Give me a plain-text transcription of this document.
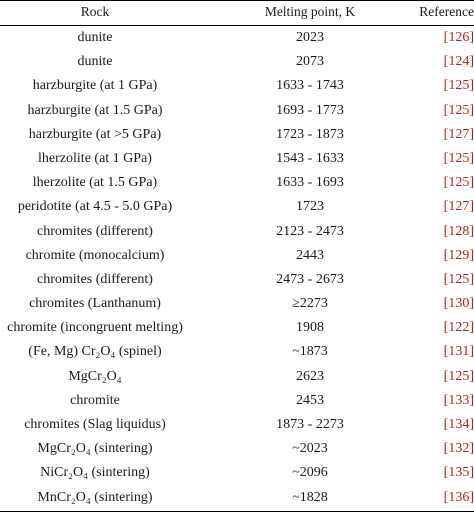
Rock	Melting point, K	Reference
dunite	2023	[126]
dunite	2073	[124]
harzburgite (at 1 GPa)	1633 - 1743	[125]
harzburgite (at 1.5 GPa)	1693 - 1773	[125]
harzburgite (at >5 GPa)	1723 - 1873	[127]
lherzolite (at 1 GPa)	1543 - 1633	[125]
lherzolite (at 1.5 GPa)	1633 - 1693	[125]
peridotite (at 4.5 - 5.0 GPa)	1723	[127]
chromites (different)	2123 - 2473	[128]
chromite (monocalcium)	2443	[129]
chromites (different)	2473 - 2673	[125]
chromites (Lanthanum)	≥2273	[130]
chromite (incongruent melting)	1908	[122]
(Fe, Mg) Cr₂O₄ (spinel)	~1873	[131]
MgCr₂O₄	2623	[125]
chromite	2453	[133]
chromites (Slag liquidus)	1873 - 2273	[134]
MgCr₂O₄ (sintering)	~2023	[132]
NiCr₂O₄ (sintering)	~2096	[135]
MnCr₂O₄ (sintering)	~1828	[136]
